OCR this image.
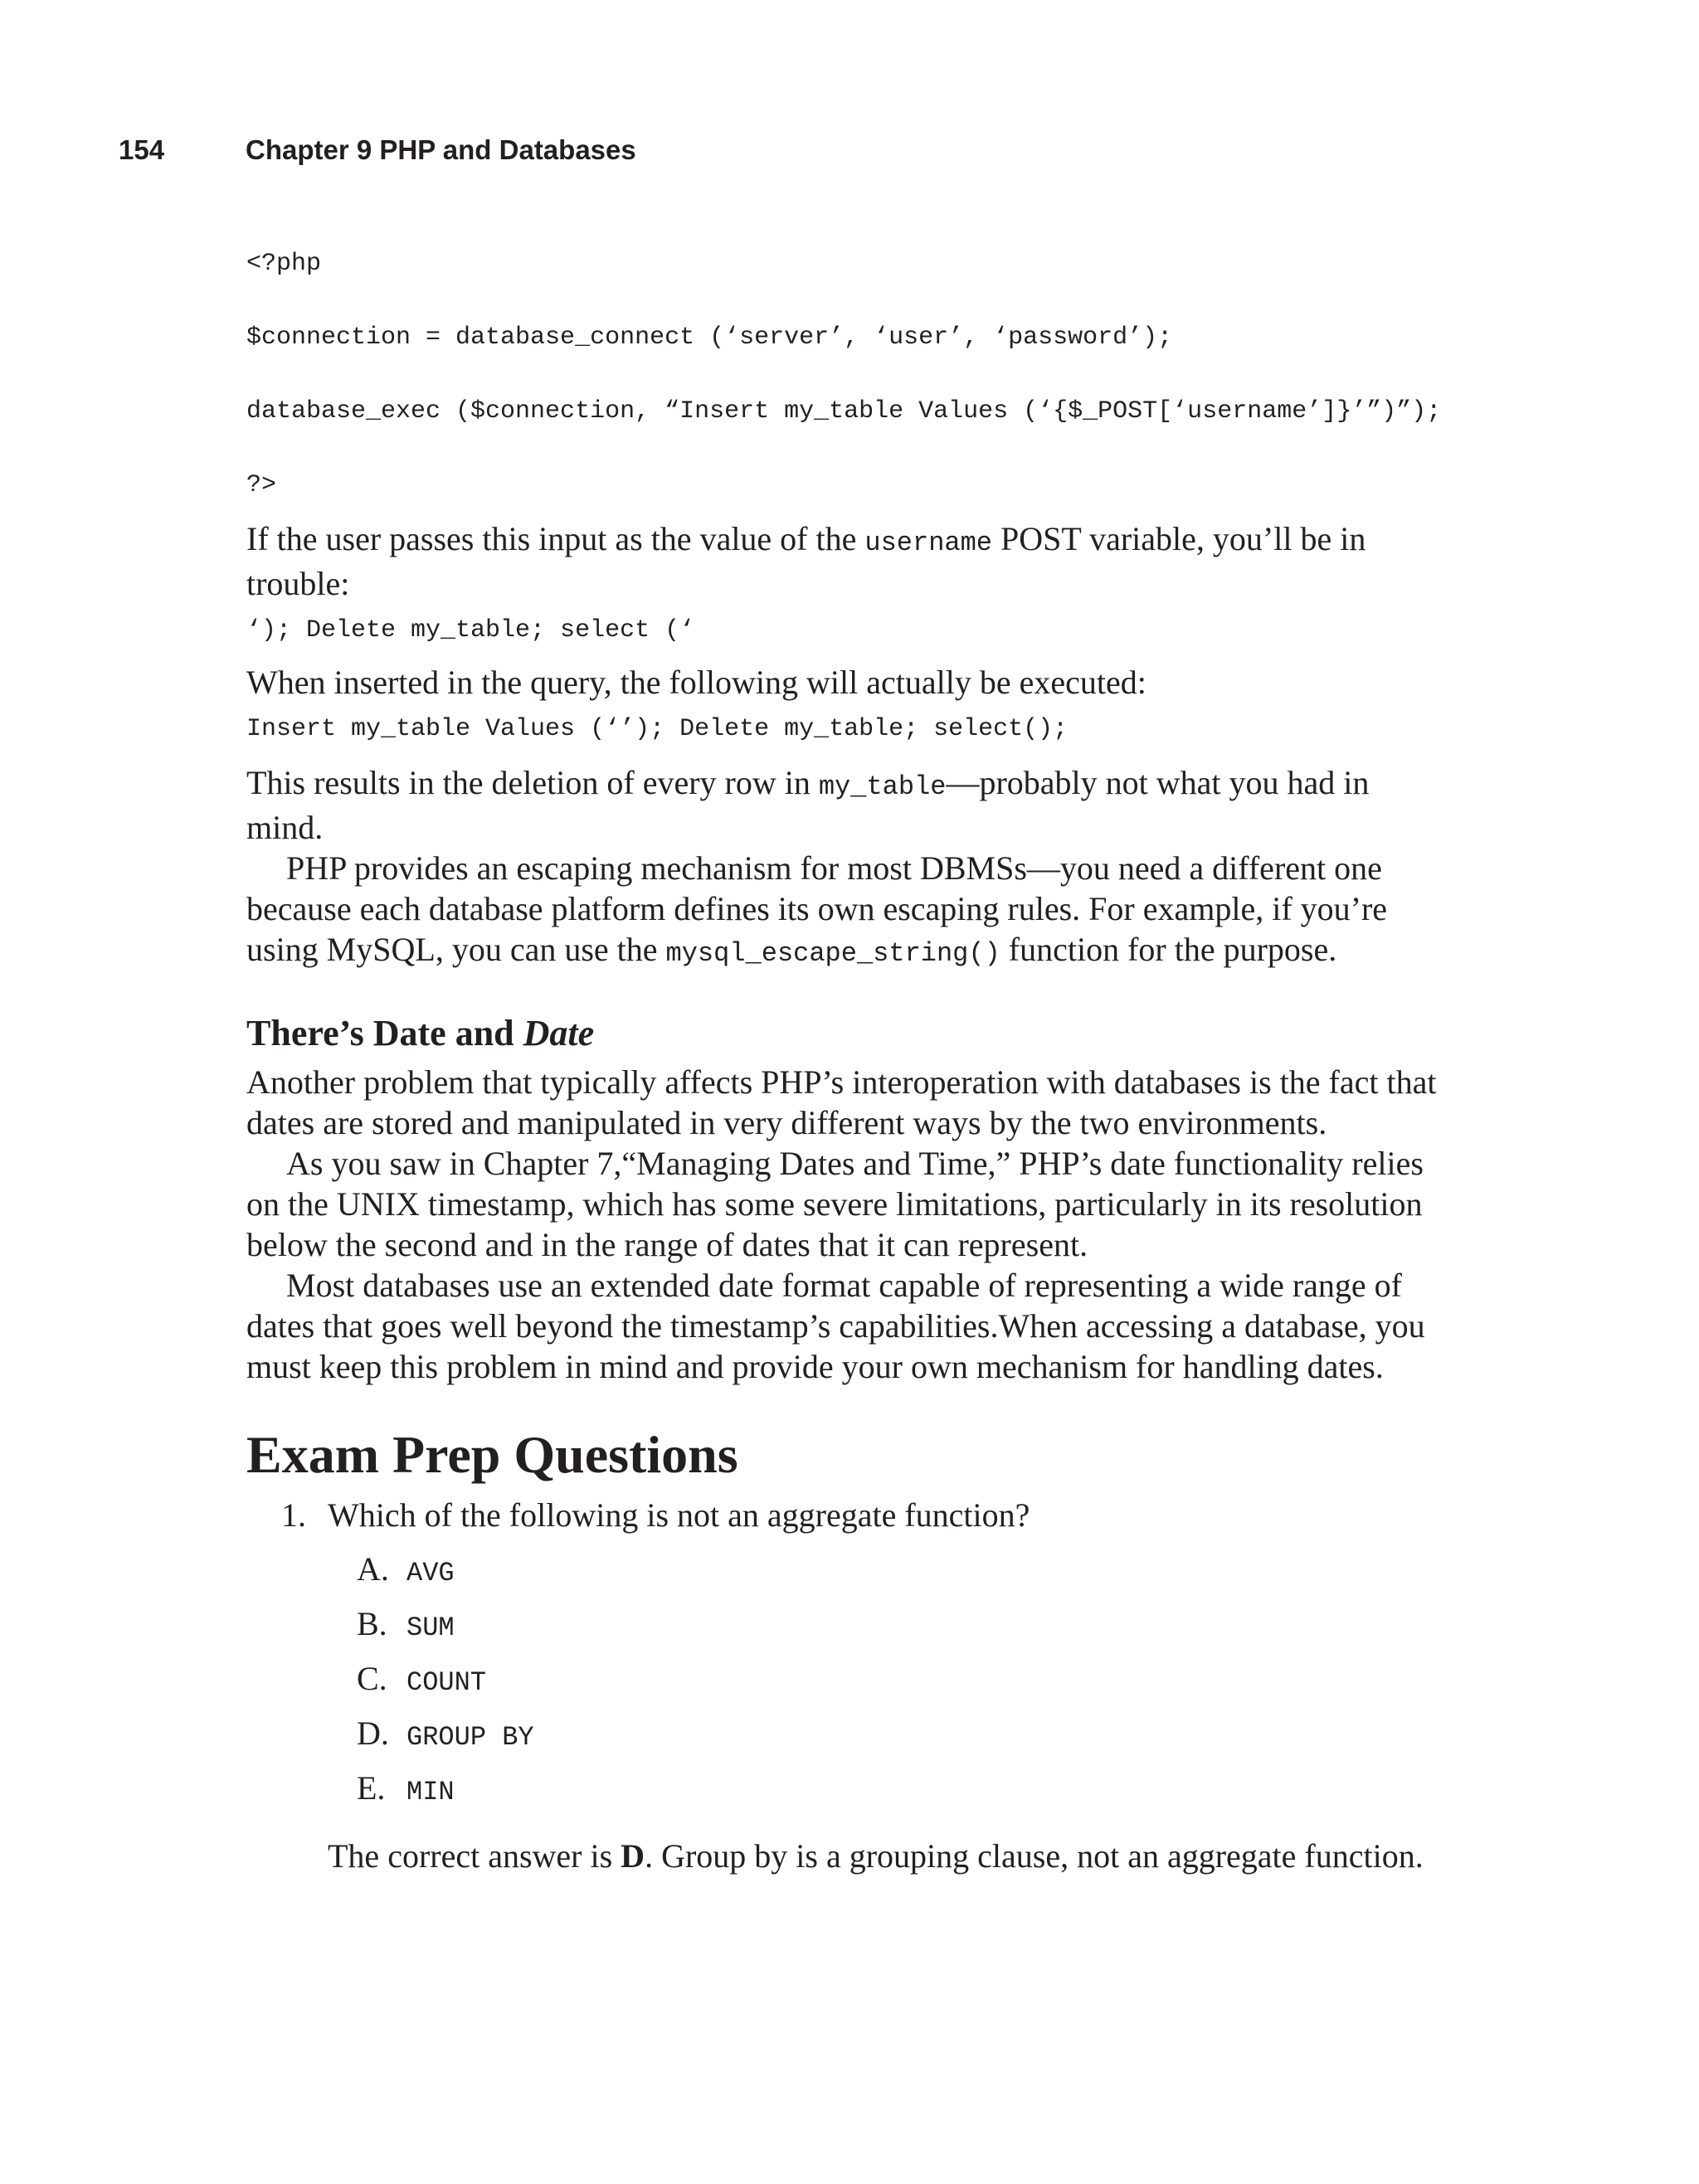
154	Chapter 9 PHP and Databases
<?php
$connection = database_connect (‘server’, ‘user’, ‘password’);
database_exec ($connection, “Insert my_table Values (‘{$_POST[‘username’]}’”)”);
?>

If the user passes this input as the value of the username POST variable, you’ll be in trouble:

‘); Delete my_table; select (‘

When inserted in the query, the following will actually be executed:

Insert my_table Values (‘’); Delete my_table; select();

This results in the deletion of every row in my_table—probably not what you had in mind.

PHP provides an escaping mechanism for most DBMSs—you need a different one because each database platform defines its own escaping rules. For example, if you’re using MySQL, you can use the mysql_escape_string() function for the purpose.

There’s Date and Date

Another problem that typically affects PHP’s interoperation with databases is the fact that dates are stored and manipulated in very different ways by the two environments.

As you saw in Chapter 7,“Managing Dates and Time,” PHP’s date functionality relies on the UNIX timestamp, which has some severe limitations, particularly in its resolution below the second and in the range of dates that it can represent.

Most databases use an extended date format capable of representing a wide range of dates that goes well beyond the timestamp’s capabilities.When accessing a database, you must keep this problem in mind and provide your own mechanism for handling dates.

Exam Prep Questions
1. Which of the following is not an aggregate function?
A. AVG
B. SUM
C. COUNT
D. GROUP BY
E. MIN

The correct answer is D. Group by is a grouping clause, not an aggregate function.
